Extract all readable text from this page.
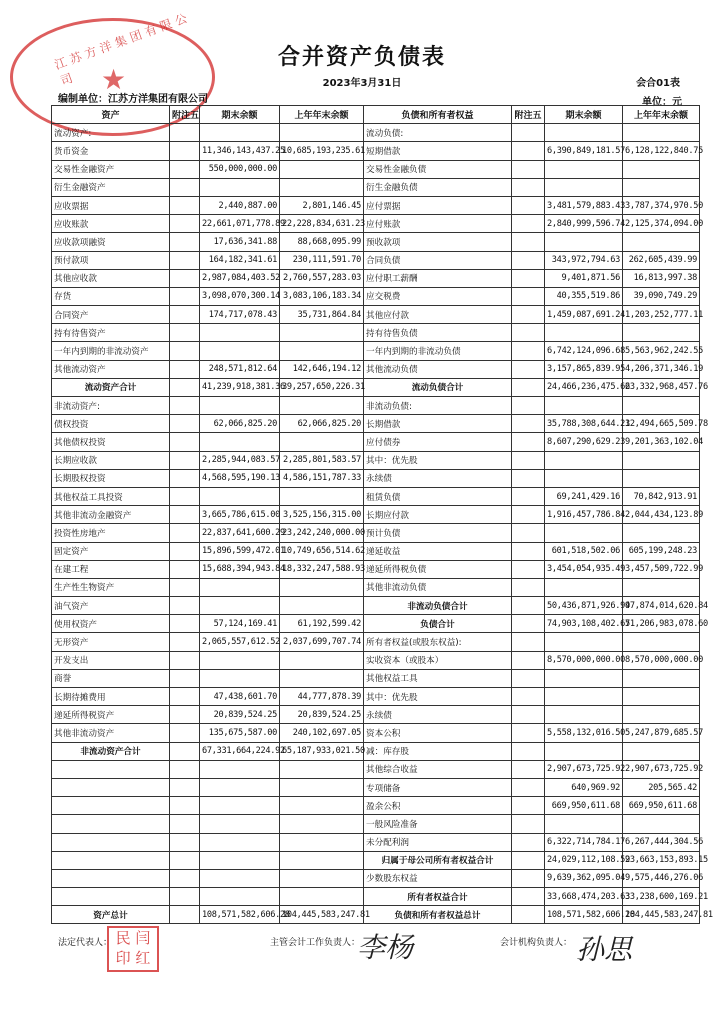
江苏方洋集团有限公司 ★
合并资产负债表
2023年3月31日	会合01表
编制单位：江苏方洋集团有限公司	单位：元
资产	附注五	期末余额	上年年末余额	负债和所有者权益	附注五	期末余额	上年年末余额
流动资产:				流动负债:			
货币资金		11,346,143,437.25	10,685,193,235.61	短期借款		6,390,849,181.57	6,128,122,840.75
交易性金融资产		550,000,000.00		交易性金融负债			
衍生金融资产				衍生金融负债			
应收票据		2,440,887.00	2,801,146.45	应付票据		3,481,579,883.43	3,787,374,970.50
应收账款		22,661,071,778.89	22,228,834,631.23	应付账款		2,840,999,596.74	2,125,374,094.00
应收款项融资		17,636,341.88	88,668,095.99	预收款项			
预付款项		164,182,341.61	230,111,591.70	合同负债		343,972,794.63	262,605,439.99
其他应收款		2,987,084,403.52	2,760,557,283.03	应付职工薪酬		9,401,871.56	16,813,997.38
存货		3,098,070,300.14	3,083,106,183.34	应交税费		40,355,519.86	39,090,749.29
合同资产		174,717,078.43	35,731,864.84	其他应付款		1,459,087,691.24	1,203,252,777.11
持有待售资产				持有待售负债			
一年内到期的非流动资产				一年内到期的非流动负债		6,742,124,096.68	5,563,962,242.55
其他流动资产		248,571,812.64	142,646,194.12	其他流动负债		3,157,865,839.95	4,206,371,346.19
流动资产合计		41,239,918,381.36	39,257,650,226.31	流动负债合计		24,466,236,475.66	23,332,968,457.76
非流动资产:				非流动负债:			
债权投资		62,066,825.20	62,066,825.20	长期借款		35,788,308,644.21	32,494,665,509.78
其他债权投资				应付债券		8,607,290,629.23	9,201,363,102.04
长期应收款		2,285,944,083.57	2,285,801,583.57	其中：优先股			
长期股权投资		4,568,595,190.13	4,586,151,787.33	永续债			
其他权益工具投资				租赁负债		69,241,429.16	70,842,913.91
其他非流动金融资产		3,665,786,615.00	3,525,156,315.00	长期应付款		1,916,457,786.84	2,044,434,123.89
投资性房地产		22,837,641,600.29	23,242,240,000.00	预计负债			
固定资产		15,896,599,472.01	10,749,656,514.62	递延收益		601,518,502.06	605,199,248.23
在建工程		15,688,394,943.84	18,332,247,588.93	递延所得税负债		3,454,054,935.49	3,457,509,722.99
生产性生物资产				其他非流动负债			
油气资产				非流动负债合计		50,436,871,926.99	47,874,014,620.84
使用权资产		57,124,169.41	61,192,599.42	负债合计		74,903,108,402.65	71,206,983,078.60
无形资产		2,065,557,612.52	2,037,699,707.74	所有者权益(或股东权益):			
开发支出				实收资本（或股本）		8,570,000,000.00	8,570,000,000.00
商誉				其他权益工具			
长期待摊费用		47,438,601.70	44,777,878.39	其中：优先股			
递延所得税资产		20,839,524.25	20,839,524.25	永续债			
其他非流动资产		135,675,587.00	240,102,697.05	资本公积		5,558,132,016.50	5,247,879,685.57
非流动资产合计		67,331,664,224.92	65,187,933,021.50	减：库存股			
				其他综合收益		2,907,673,725.92	2,907,673,725.92
				专项储备		640,969.92	205,565.42
				盈余公积		669,950,611.68	669,950,611.68
				一般风险准备			
				未分配利润		6,322,714,784.17	6,267,444,304.56
				归属于母公司所有者权益合计		24,029,112,108.59	23,663,153,893.15
				少数股东权益		9,639,362,095.04	9,575,446,276.06
				所有者权益合计		33,668,474,203.63	33,238,600,169.21
资产总计		108,571,582,606.28	104,445,583,247.81	负债和所有者权益总计		108,571,582,606.28	104,445,583,247.81
法定代表人： 民 闫
印 红
主管会计工作负责人：
李杨	会计机构负责人： 孙思
